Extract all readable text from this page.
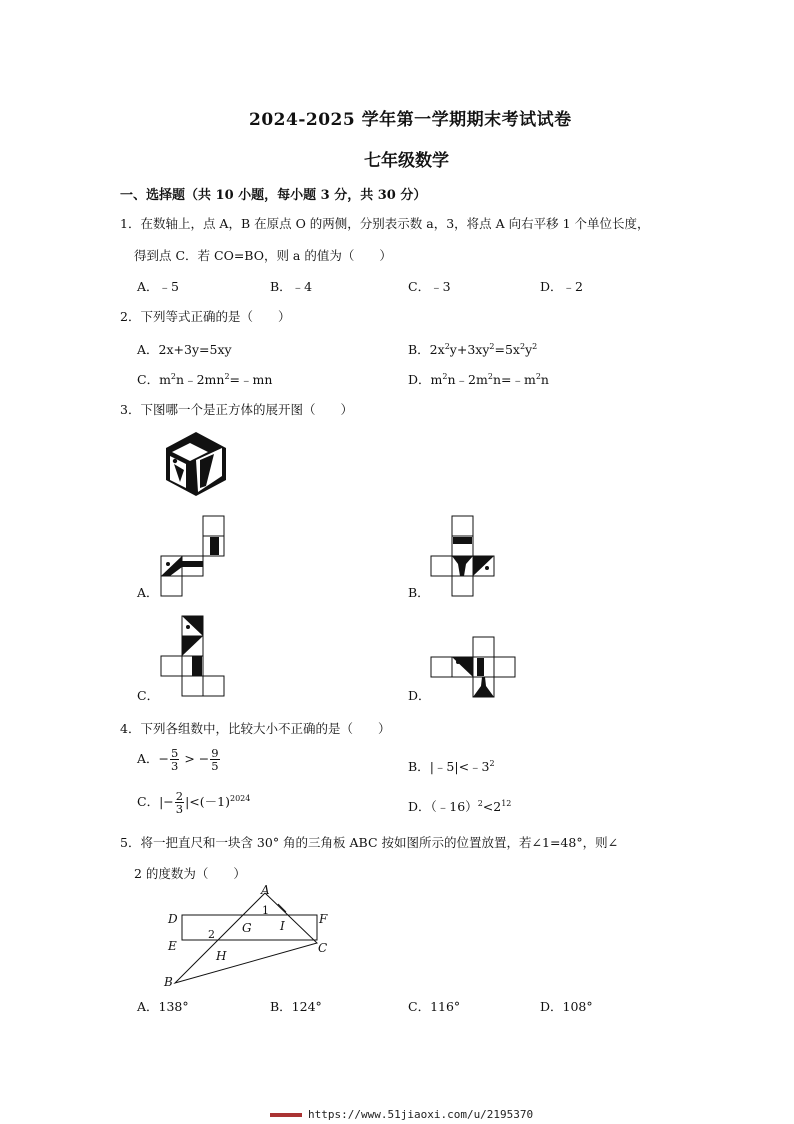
2024-2025 学年第一学期期末考试试卷
七年级数学
一、选择题（共 10 小题，每小题 3 分，共 30 分）
1．在数轴上，点 A，B 在原点 O 的两侧，分别表示数 a，3，将点 A 向右平移 1 个单位长度，
得到点 C．若 CO=BO，则 a 的值为（　　）
A．﹣5	B．﹣4	C．﹣3	D．﹣2
2．下列等式正确的是（　　）
A．2x+3y=5xy	B．$2x^2y+3xy^2=5x^2y^2$
C．$m^2n﹣2mn^2=﹣mn$	D．$m^2n﹣2m^2n=﹣m^2n$
3．下图哪一个是正方体的展开图（　　）
A．	B．
C．	D．
4．下列各组数中，比较大小不正确的是（　　）
A．− $\frac{5}{3}$ > − $\frac{9}{5}$	B．$|﹣5|<﹣3^2$
C．|− $\frac{2}{3} |<(-1)^{2024}$
D．$(﹣16)^2<2^{12}$
5．将一把直尺和一块含 30° 角的三角板 ABC 按如图所示的位置放置，若∠1=48°，则∠
2 的度数为（　　）
A
D
E
F
G I
H
C
B
1
2
A．138°	B．124°	C．116°	D．108°
https://www.51jiaoxi.com/u/2195370
